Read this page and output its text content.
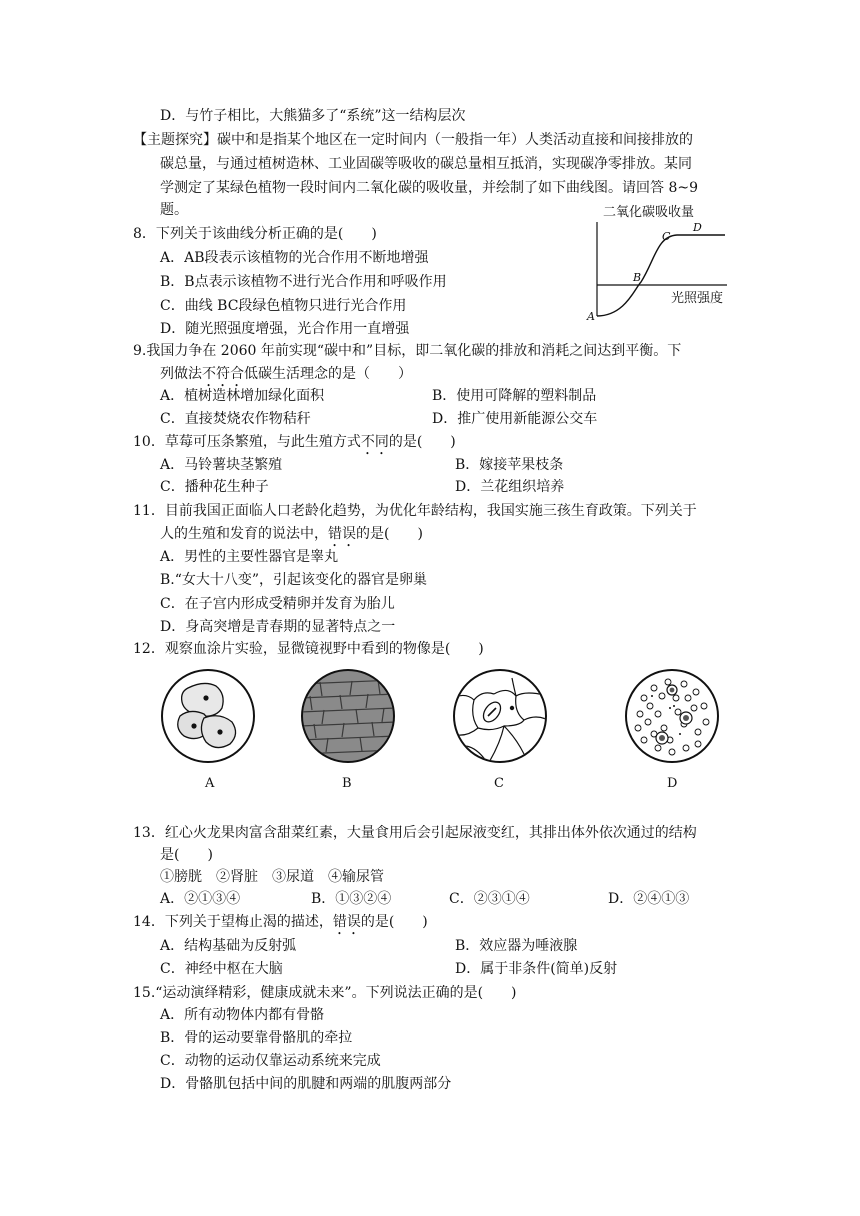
D．与竹子相比，大熊猫多了“系统”这一结构层次
【主题探究】碳中和是指某个地区在一定时间内（一般指一年）人类活动直接和间接排放的
碳总量，与通过植树造林、工业固碳等吸收的碳总量相互抵消，实现碳净零排放。某同
学测定了某绿色植物一段时间内二氧化碳的吸收量，并绘制了如下曲线图。请回答 8~9
题。	二氧化碳吸收量
光照强度
A
B
C
D
8．下列关于该曲线分析正确的是(　　)
A．AB段表示该植物的光合作用不断地增强
B．B点表示该植物不进行光合作用和呼吸作用
C．曲线 BC段绿色植物只进行光合作用
D．随光照强度增强，光合作用一直增强
9.我国力争在 2060 年前实现“碳中和”目标，即二氧化碳的排放和消耗之间达到平衡。下
列做法不符合低碳生活理念的是（　　）
A．植树造林增加绿化面积	B．使用可降解的塑料制品
C．直接焚烧农作物秸秆	D．推广使用新能源公交车
10．草莓可压条繁殖，与此生殖方式不同的是(　　)
A．马铃薯块茎繁殖	B．嫁接苹果枝条
C．播种花生种子	D．兰花组织培养
11．目前我国正面临人口老龄化趋势，为优化年龄结构，我国实施三孩生育政策。下列关于
人的生殖和发育的说法中，错误的是(　　)
A．男性的主要性器官是睾丸
B.“女大十八变”，引起该变化的器官是卵巢
C．在子宫内形成受精卵并发育为胎儿
D．身高突增是青春期的显著特点之一
12．观察血涂片实验，显微镜视野中看到的物像是(　　)
A	B	C	D
13．红心火龙果肉富含甜菜红素，大量食用后会引起尿液变红，其排出体外依次通过的结构
是(　　)
①膀胱　②肾脏　③尿道　④输尿管
A．②①③④	B．①③②④	C．②③①④	D．②④①③
14．下列关于望梅止渴的描述，错误的是(　　)
A．结构基础为反射弧	B．效应器为唾液腺
C．神经中枢在大脑	D．属于非条件(简单)反射
15.“运动演绎精彩，健康成就未来”。下列说法正确的是(　　)
A．所有动物体内都有骨骼
B．骨的运动要靠骨骼肌的牵拉
C．动物的运动仅靠运动系统来完成
D．骨骼肌包括中间的肌腱和两端的肌腹两部分
